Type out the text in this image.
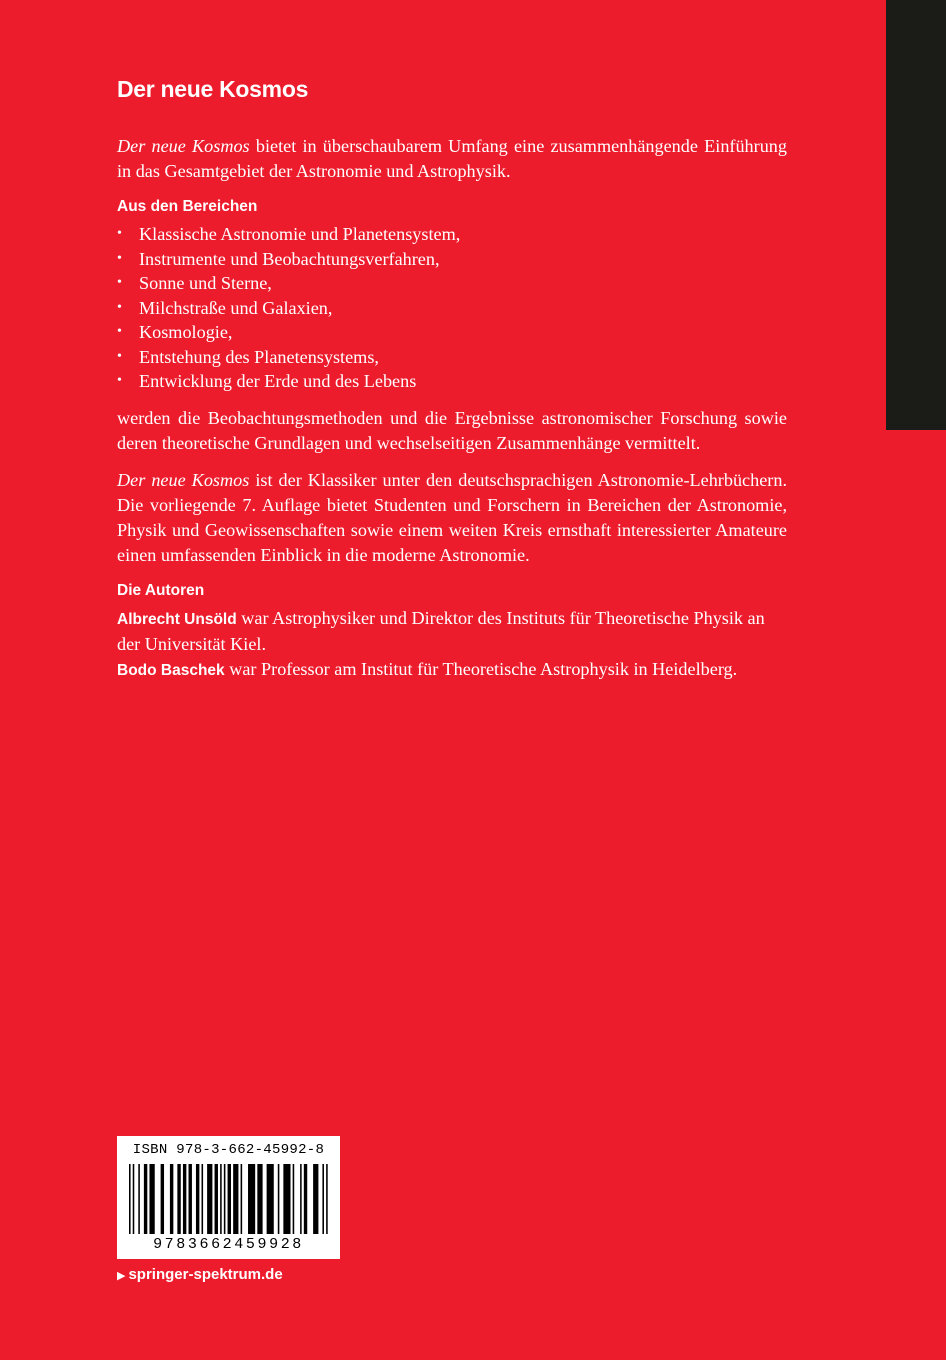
Der neue Kosmos

Der neue Kosmos bietet in überschaubarem Umfang eine zusammenhängende Einführung in das Gesamtgebiet der Astronomie und Astrophysik.

Aus den Bereichen
• Klassische Astronomie und Planetensystem,
• Instrumente und Beobachtungsverfahren,
• Sonne und Sterne,
• Milchstraße und Galaxien,
• Kosmologie,
• Entstehung des Planetensystems,
• Entwicklung der Erde und des Lebens

werden die Beobachtungsmethoden und die Ergebnisse astronomischer Forschung sowie deren theoretische Grundlagen und wechselseitigen Zusammenhänge vermittelt.

Der neue Kosmos ist der Klassiker unter den deutschsprachigen Astronomie-Lehrbüchern. Die vorliegende 7. Auflage bietet Studenten und Forschern in Bereichen der Astronomie, Physik und Geowissenschaften sowie einem weiten Kreis ernsthaft interessierter Amateure einen umfassenden Einblick in die moderne Astronomie.

Die Autoren

Albrecht Unsöld war Astrophysiker und Direktor des Instituts für Theoretische Physik an der Universität Kiel.

Bodo Baschek war Professor am Institut für Theoretische Astrophysik in Heidelberg.

ISBN 978-3-662-45992-8
9783662459928
▶ springer-spektrum.de
